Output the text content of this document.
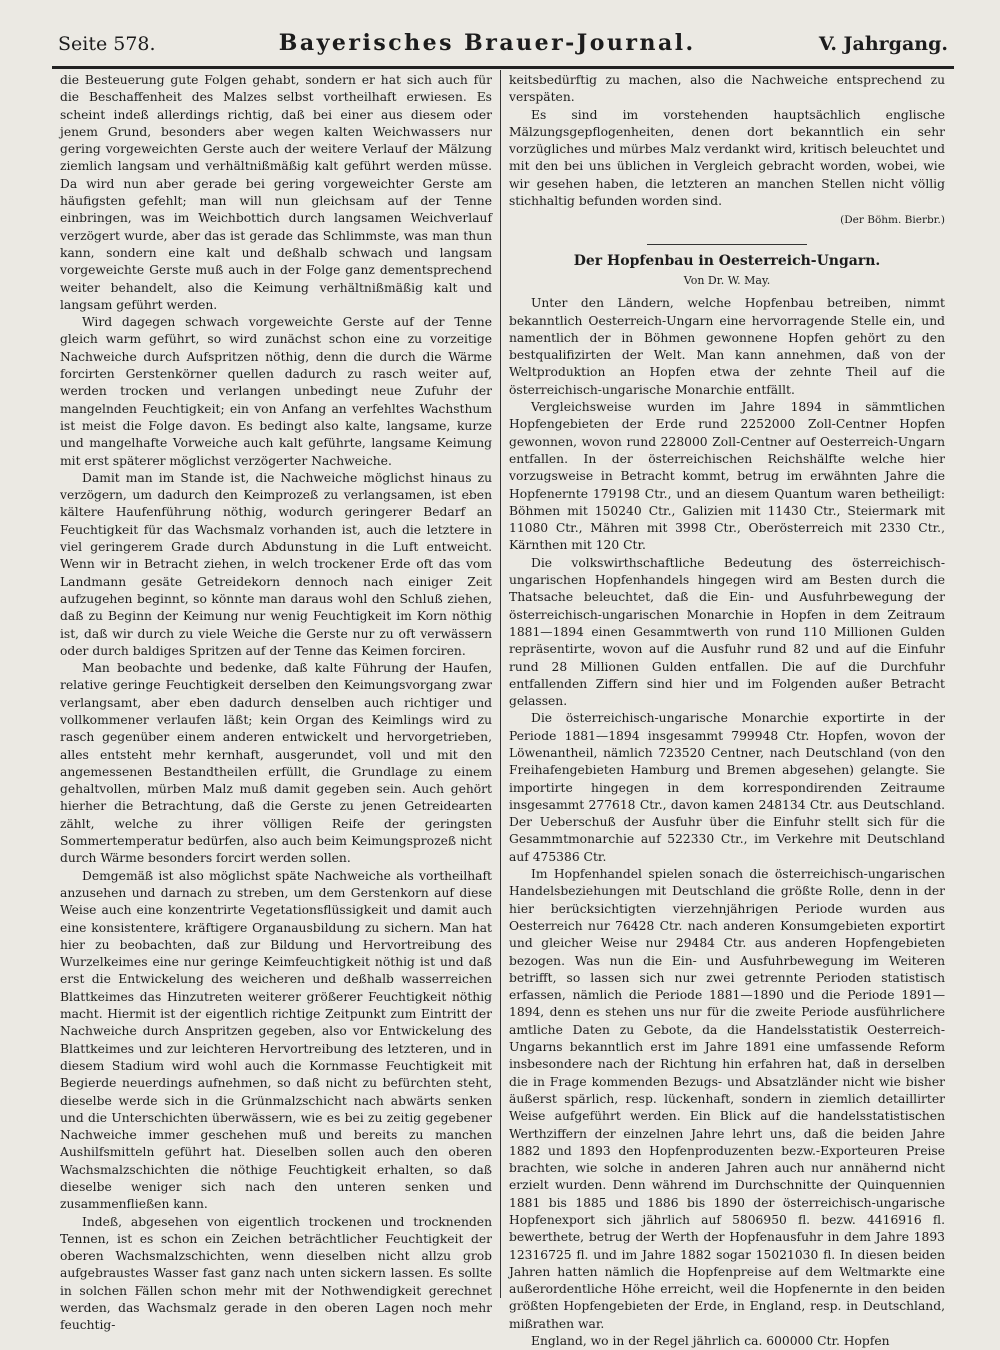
Seite 578.	Bayerisches Brauer-Journal.	V. Jahrgang.

die Besteuerung gute Folgen gehabt, sondern er hat sich auch für die Beschaffenheit des Malzes selbst vortheilhaft erwiesen. Es scheint indeß allerdings richtig, daß bei einer aus diesem oder jenem Grund, besonders aber wegen kalten Weichwassers nur gering vorgeweichten Gerste auch der weitere Verlauf der Mälzung ziemlich langsam und verhältnißmäßig kalt geführt werden müsse. Da wird nun aber gerade bei gering vorgeweichter Gerste am häufigsten gefehlt; man will nun gleichsam auf der Tenne einbringen, was im Weichbottich durch langsamen Weichverlauf verzögert wurde, aber das ist gerade das Schlimmste, was man thun kann, sondern eine kalt und deßhalb schwach und langsam vorgeweichte Gerste muß auch in der Folge ganz dementsprechend weiter behandelt, also die Keimung verhältnißmäßig kalt und langsam geführt werden.

Wird dagegen schwach vorgeweichte Gerste auf der Tenne gleich warm geführt, so wird zunächst schon eine zu vorzeitige Nachweiche durch Aufspritzen nöthig, denn die durch die Wärme forcirten Gerstenkörner quellen dadurch zu rasch weiter auf, werden trocken und verlangen unbedingt neue Zufuhr der mangelnden Feuchtigkeit; ein von Anfang an verfehltes Wachsthum ist meist die Folge davon. Es bedingt also kalte, langsame, kurze und mangelhafte Vorweiche auch kalt geführte, langsame Keimung mit erst späterer möglichst verzögerter Nachweiche.

Damit man im Stande ist, die Nachweiche möglichst hinaus zu verzögern, um dadurch den Keimprozeß zu verlangsamen, ist eben kältere Haufenführung nöthig, wodurch geringerer Bedarf an Feuchtigkeit für das Wachsmalz vorhanden ist, auch die letztere in viel geringerem Grade durch Abdunstung in die Luft entweicht. Wenn wir in Betracht ziehen, in welch trockener Erde oft das vom Landmann gesäte Getreidekorn dennoch nach einiger Zeit aufzugehen beginnt, so könnte man daraus wohl den Schluß ziehen, daß zu Beginn der Keimung nur wenig Feuchtigkeit im Korn nöthig ist, daß wir durch zu viele Weiche die Gerste nur zu oft verwässern oder durch baldiges Spritzen auf der Tenne das Keimen forciren.

Man beobachte und bedenke, daß kalte Führung der Haufen, relative geringe Feuchtigkeit derselben den Keimungsvorgang zwar verlangsamt, aber eben dadurch denselben auch richtiger und vollkommener verlaufen läßt; kein Organ des Keimlings wird zu rasch gegenüber einem anderen entwickelt und hervorgetrieben, alles entsteht mehr kernhaft, ausgerundet, voll und mit den angemessenen Bestandtheilen erfüllt, die Grundlage zu einem gehaltvollen, mürben Malz muß damit gegeben sein. Auch gehört hierher die Betrachtung, daß die Gerste zu jenen Getreidearten zählt, welche zu ihrer völligen Reife der geringsten Sommertemperatur bedürfen, also auch beim Keimungsprozeß nicht durch Wärme besonders forcirt werden sollen.

Demgemäß ist also möglichst späte Nachweiche als vortheilhaft anzusehen und darnach zu streben, um dem Gerstenkorn auf diese Weise auch eine konzentrirte Vegetationsflüssigkeit und damit auch eine konsistentere, kräftigere Organausbildung zu sichern. Man hat hier zu beobachten, daß zur Bildung und Hervortreibung des Wurzelkeimes eine nur geringe Keimfeuchtigkeit nöthig ist und daß erst die Entwickelung des weicheren und deßhalb wasserreichen Blattkeimes das Hinzutreten weiterer größerer Feuchtigkeit nöthig macht. Hiermit ist der eigentlich richtige Zeitpunkt zum Eintritt der Nachweiche durch Anspritzen gegeben, also vor Entwickelung des Blattkeimes und zur leichteren Hervortreibung des letzteren, und in diesem Stadium wird wohl auch die Kornmasse Feuchtigkeit mit Begierde neuerdings aufnehmen, so daß nicht zu befürchten steht, dieselbe werde sich in die Grünmalzschicht nach abwärts senken und die Unterschichten überwässern, wie es bei zu zeitig gegebener Nachweiche immer geschehen muß und bereits zu manchen Aushilfsmitteln geführt hat. Dieselben sollen auch den oberen Wachsmalzschichten die nöthige Feuchtigkeit erhalten, so daß dieselbe weniger sich nach den unteren senken und zusammenfließen kann.

Indeß, abgesehen von eigentlich trockenen und trocknenden Tennen, ist es schon ein Zeichen beträchtlicher Feuchtigkeit der oberen Wachsmalzschichten, wenn dieselben nicht allzu grob aufgebraustes Wasser fast ganz nach unten sickern lassen. Es sollte in solchen Fällen schon mehr mit der Nothwendigkeit gerechnet werden, das Wachsmalz gerade in den oberen Lagen noch mehr feuchtig-

keitsbedürftig zu machen, also die Nachweiche entsprechend zu verspäten.

Es sind im vorstehenden hauptsächlich englische Mälzungsgepflogenheiten, denen dort bekanntlich ein sehr vorzügliches und mürbes Malz verdankt wird, kritisch beleuchtet und mit den bei uns üblichen in Vergleich gebracht worden, wobei, wie wir gesehen haben, die letzteren an manchen Stellen nicht völlig stichhaltig befunden worden sind.

(Der Böhm. Bierbr.)

Der Hopfenbau in Oesterreich-Ungarn.

Von Dr. W. May.

Unter den Ländern, welche Hopfenbau betreiben, nimmt bekanntlich Oesterreich-Ungarn eine hervorragende Stelle ein, und namentlich der in Böhmen gewonnene Hopfen gehört zu den bestqualifizirten der Welt. Man kann annehmen, daß von der Weltproduktion an Hopfen etwa der zehnte Theil auf die österreichisch-ungarische Monarchie entfällt.

Vergleichsweise wurden im Jahre 1894 in sämmtlichen Hopfengebieten der Erde rund 2252000 Zoll-Centner Hopfen gewonnen, wovon rund 228000 Zoll-Centner auf Oesterreich-Ungarn entfallen. In der österreichischen Reichshälfte welche hier vorzugsweise in Betracht kommt, betrug im erwähnten Jahre die Hopfenernte 179198 Ctr., und an diesem Quantum waren betheiligt: Böhmen mit 150240 Ctr., Galizien mit 11430 Ctr., Steiermark mit 11080 Ctr., Mähren mit 3998 Ctr., Oberösterreich mit 2330 Ctr., Kärnthen mit 120 Ctr.

Die volkswirthschaftliche Bedeutung des österreichisch-ungarischen Hopfenhandels hingegen wird am Besten durch die Thatsache beleuchtet, daß die Ein- und Ausfuhrbewegung der österreichisch-ungarischen Monarchie in Hopfen in dem Zeitraum 1881—1894 einen Gesammtwerth von rund 110 Millionen Gulden repräsentirte, wovon auf die Ausfuhr rund 82 und auf die Einfuhr rund 28 Millionen Gulden entfallen. Die auf die Durchfuhr entfallenden Ziffern sind hier und im Folgenden außer Betracht gelassen.

Die österreichisch-ungarische Monarchie exportirte in der Periode 1881—1894 insgesammt 799948 Ctr. Hopfen, wovon der Löwenantheil, nämlich 723520 Centner, nach Deutschland (von den Freihafengebieten Hamburg und Bremen abgesehen) gelangte. Sie importirte hingegen in dem korrespondirenden Zeitraume insgesammt 277618 Ctr., davon kamen 248134 Ctr. aus Deutschland. Der Ueberschuß der Ausfuhr über die Einfuhr stellt sich für die Gesammtmonarchie auf 522330 Ctr., im Verkehre mit Deutschland auf 475386 Ctr.

Im Hopfenhandel spielen sonach die österreichisch-ungarischen Handelsbeziehungen mit Deutschland die größte Rolle, denn in der hier berücksichtigten vierzehnjährigen Periode wurden aus Oesterreich nur 76428 Ctr. nach anderen Konsumgebieten exportirt und gleicher Weise nur 29484 Ctr. aus anderen Hopfengebieten bezogen. Was nun die Ein- und Ausfuhrbewegung im Weiteren betrifft, so lassen sich nur zwei getrennte Perioden statistisch erfassen, nämlich die Periode 1881—1890 und die Periode 1891—1894, denn es stehen uns nur für die zweite Periode ausführlichere amtliche Daten zu Gebote, da die Handelsstatistik Oesterreich-Ungarns bekanntlich erst im Jahre 1891 eine umfassende Reform insbesondere nach der Richtung hin erfahren hat, daß in derselben die in Frage kommenden Bezugs- und Absatzländer nicht wie bisher äußerst spärlich, resp. lückenhaft, sondern in ziemlich detaillirter Weise aufgeführt werden. Ein Blick auf die handelsstatistischen Werthziffern der einzelnen Jahre lehrt uns, daß die beiden Jahre 1882 und 1893 den Hopfenproduzenten bezw.-Exporteuren Preise brachten, wie solche in anderen Jahren auch nur annähernd nicht erzielt wurden. Denn während im Durchschnitte der Quinquennien 1881 bis 1885 und 1886 bis 1890 der österreichisch-ungarische Hopfenexport sich jährlich auf 5806950 fl. bezw. 4416916 fl. bewerthete, betrug der Werth der Hopfenausfuhr in dem Jahre 1893 12316725 fl. und im Jahre 1882 sogar 15021030 fl. In diesen beiden Jahren hatten nämlich die Hopfenpreise auf dem Weltmarkte eine außerordentliche Höhe erreicht, weil die Hopfenernte in den beiden größten Hopfengebieten der Erde, in England, resp. in Deutschland, mißrathen war.

England, wo in der Regel jährlich ca. 600000 Ctr. Hopfen
